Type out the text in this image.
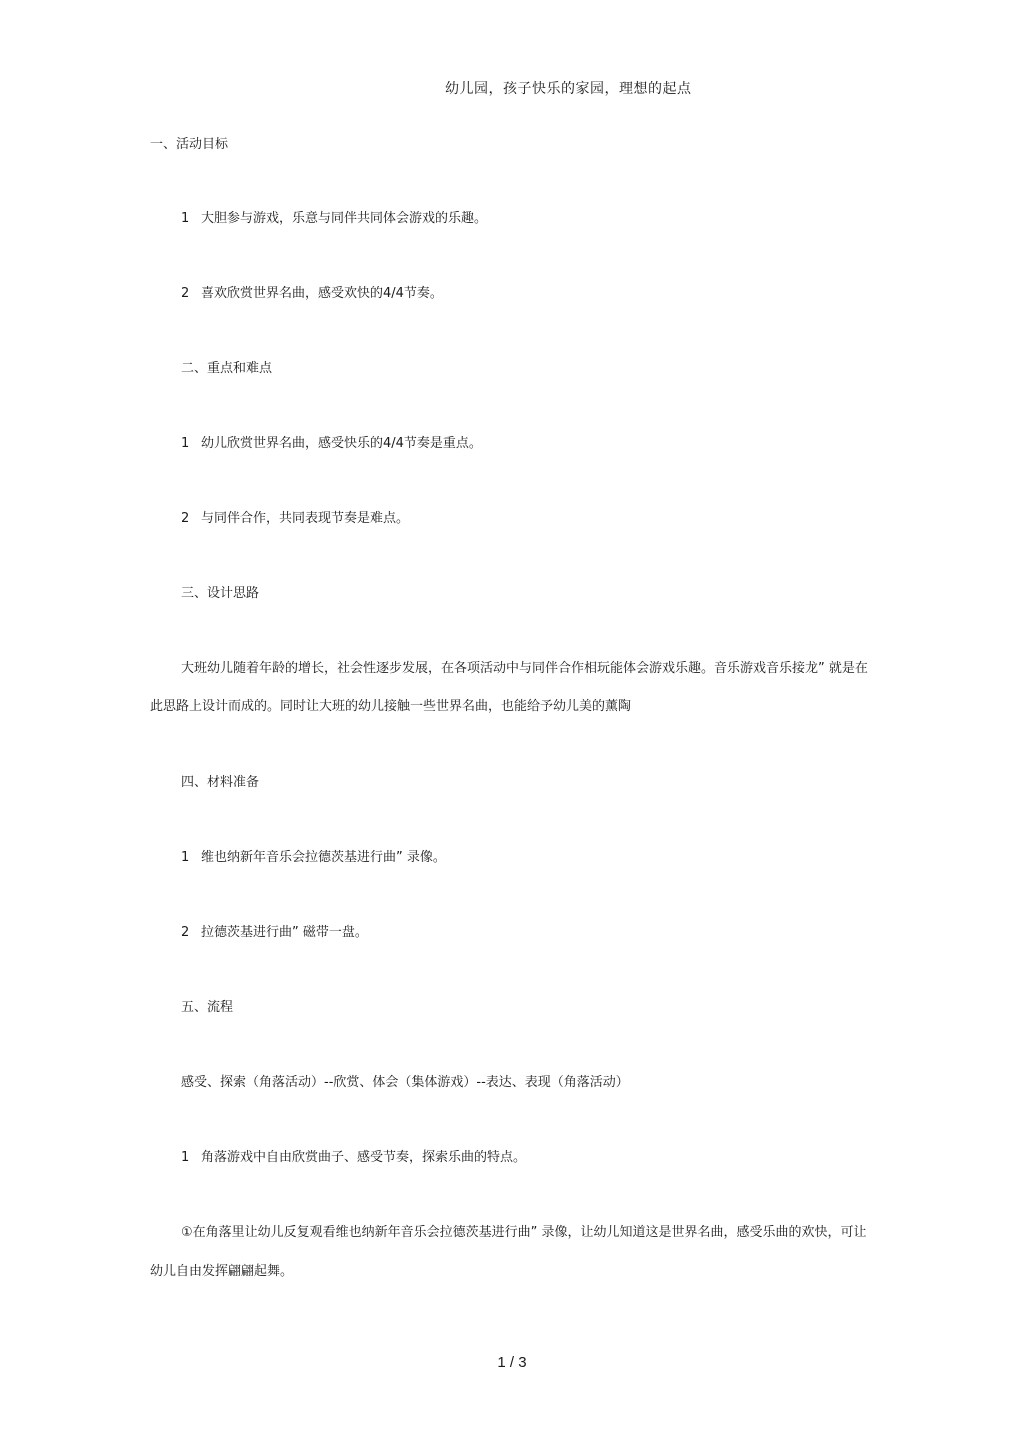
幼儿园，孩子快乐的家园，理想的起点
一、活动目标
1 大胆参与游戏，乐意与同伴共同体会游戏的乐趣。
2 喜欢欣赏世界名曲，感受欢快的4/4节奏。
二、重点和难点
1 幼儿欣赏世界名曲，感受快乐的4/4节奏是重点。
2 与同伴合作，共同表现节奏是难点。
三、设计思路
大班幼儿随着年龄的增长，社会性逐步发展，在各项活动中与同伴合作相玩能体会游戏乐趣。音乐游戏音乐接龙” 就是在
此思路上设计而成的。同时让大班的幼儿接触一些世界名曲，也能给予幼儿美的薰陶
四、材料准备
1 维也纳新年音乐会拉德茨基进行曲” 录像。
2 拉德茨基进行曲” 磁带一盘。
五、流程
感受、探索（角落活动）--欣赏、体会（集体游戏）--表达、表现（角落活动）
1 角落游戏中自由欣赏曲子、感受节奏，探索乐曲的特点。
①在角落里让幼儿反复观看维也纳新年音乐会拉德茨基进行曲” 录像，让幼儿知道这是世界名曲，感受乐曲的欢快，可让
幼儿自由发挥翩翩起舞。
1 / 3
